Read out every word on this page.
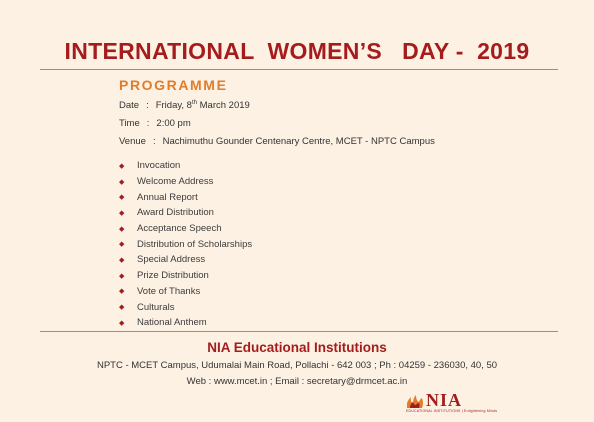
INTERNATIONAL  WOMEN’S   DAY -  2019
PROGRAMME
Date : Friday, 8th March 2019
Time : 2:00 pm
Venue : Nachimuthu Gounder Centenary Centre, MCET - NPTC Campus
◆	Invocation
◆	Welcome Address
◆	Annual Report
◆	Award Distribution
◆	Acceptance Speech
◆	Distribution of Scholarships
◆	Special Address
◆	Prize Distribution
◆	Vote of Thanks
◆	Culturals
◆	National Anthem
NIA Educational Institutions
NPTC - MCET Campus, Udumalai Main Road, Pollachi - 642 003 ; Ph : 04259 - 236030, 40, 50
Web : www.mcet.in ; Email : secretary@drmcet.ac.in
NIA
EDUCATIONAL INSTITUTIONS | Enlightening Minds
